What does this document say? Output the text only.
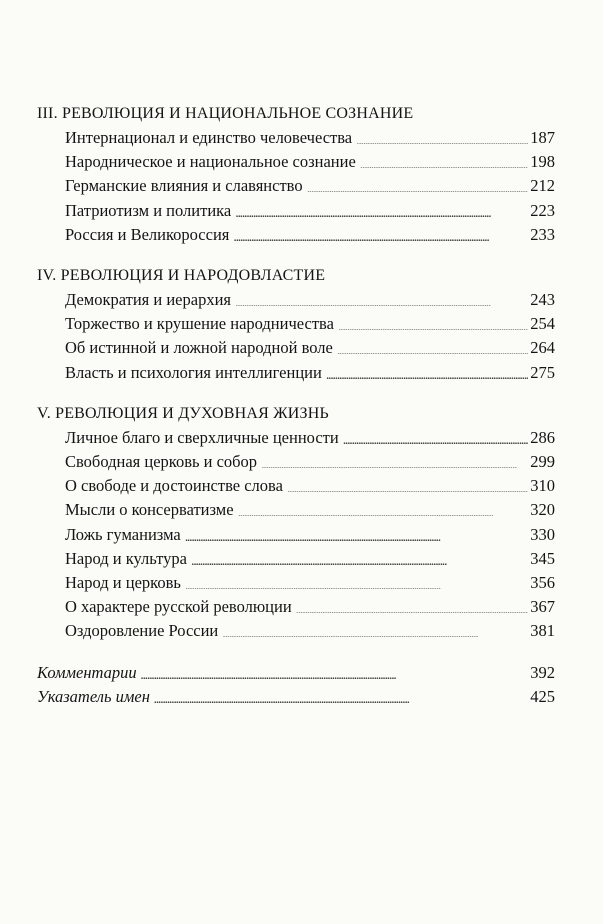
III. РЕВОЛЮЦИЯ И НАЦИОНАЛЬНОЕ СОЗНАНИЕ
Интернационал и единство человечества . . .	187
Народническое и национальное сознание . . .	198
Германские влияния и славянство . . .	212
Патриотизм и политика . . .	223
Россия и Великороссия . . .	233
IV. РЕВОЛЮЦИЯ И НАРОДОВЛАСТИЕ
Демократия и иерархия . . .	243
Торжество и крушение народничества . . .	254
Об истинной и ложной народной воле . . .	264
Власть и психология интеллигенции . . .	275
V. РЕВОЛЮЦИЯ И ДУХОВНАЯ ЖИЗНЬ
Личное благо и сверхличные ценности . . .	286
Свободная церковь и собор . . .	299
О свободе и достоинстве слова . . .	310
Мысли о консерватизме . . .	320
Ложь гуманизма . . .	330
Народ и культура . . .	345
Народ и церковь . . .	356
О характере русской революции . . .	367
Оздоровление России . . .	381
Комментарии . . .	392
Указатель имен . . .	425
